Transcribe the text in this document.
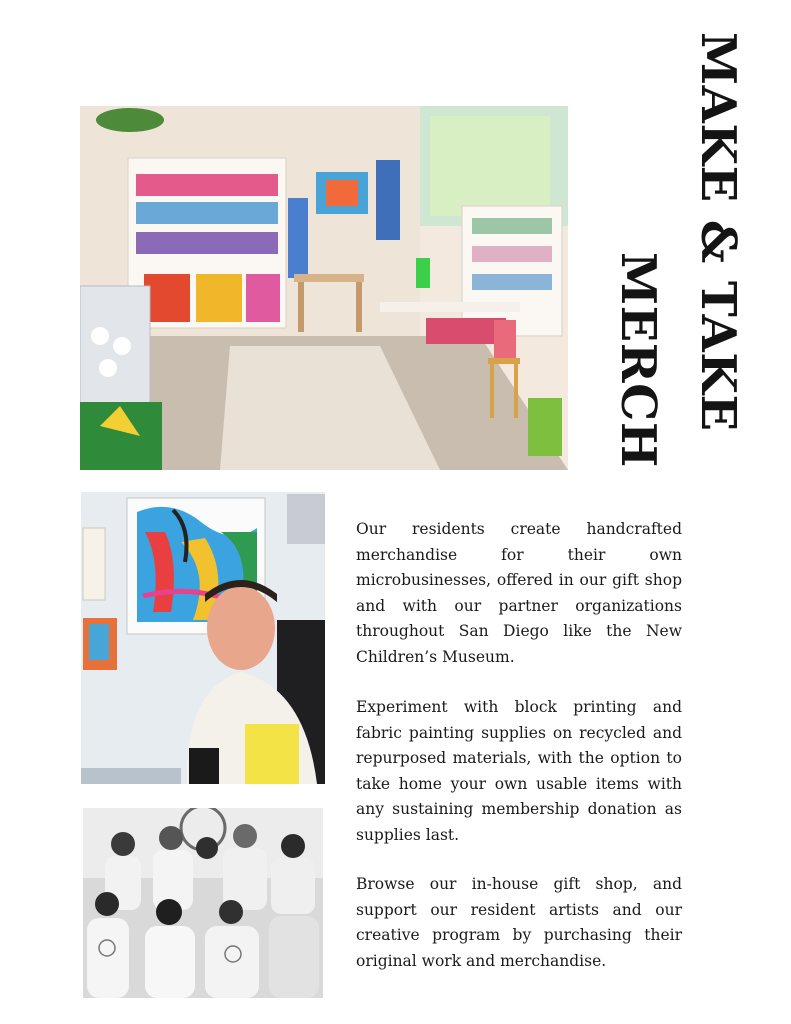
MAKE & TAKE
MERCH

Our residents create handcrafted merchandise for their own microbusinesses, offered in our gift shop and with our partner organizations throughout San Diego like the New Children’s Museum.

Experiment with block printing and fabric painting supplies on recycled and repurposed materials, with the option to take home your own usable items with any sustaining membership donation as supplies last.

Browse our in-house gift shop, and support our resident artists and our creative program by purchasing their original work and merchandise.
